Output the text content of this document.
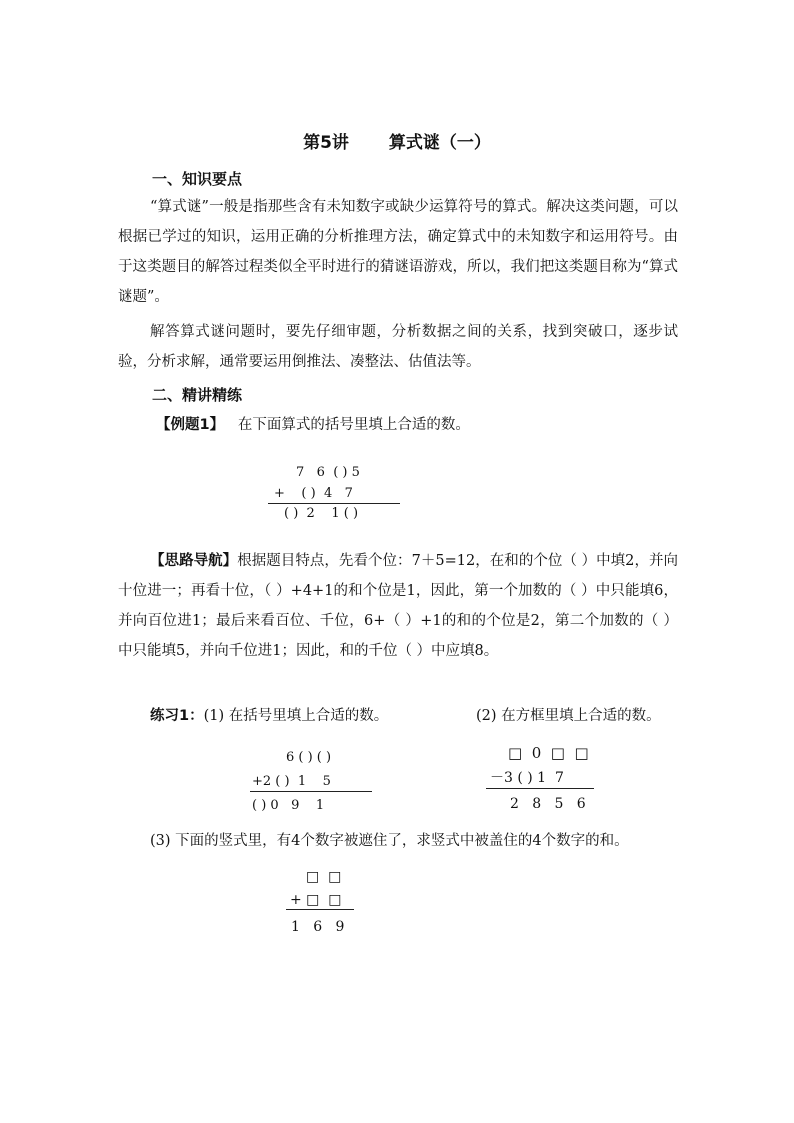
第5讲 算式谜（一）
一、知识要点

“算式谜”一般是指那些含有未知数字或缺少运算符号的算式。解决这类问题，可以根据已学过的知识，运用正确的分析推理方法，确定算式中的未知数字和运用符号。由于这类题目的解答过程类似全平时进行的猜谜语游戏，所以，我们把这类题目称为“算式谜题”。

解答算式谜问题时，要先仔细审题，分析数据之间的关系，找到突破口，逐步试验，分析求解，通常要运用倒推法、凑整法、估值法等。

二、精讲精练
【例题1】 在下面算式的括号里填上合适的数。
7   6  ( ) 5
+    ( )  4   7
( )  2    1 ( )

【思路导航】根据题目特点，先看个位：7＋5=12，在和的个位（ ）中填2，并向十位进一；再看十位，（ ）+4+1的和个位是1，因此，第一个加数的（ ）中只能填6，并向百位进1；最后来看百位、千位，6+（ ）+1的和的个位是2，第二个加数的（ ）中只能填5，并向千位进1；因此，和的千位（ ）中应填8。

练习1：(1) 在括号里填上合适的数。	(2) 在方框里填上合适的数。
6 ( ) ( )
+2 ( )  1    5
( ) 0   9    1
□  0  □  □
－3 ( ) 1  7
2   8   5   6

(3) 下面的竖式里，有4个数字被遮住了，求竖式中被盖住的4个数字的和。

□  □
+ □  □
1   6   9
